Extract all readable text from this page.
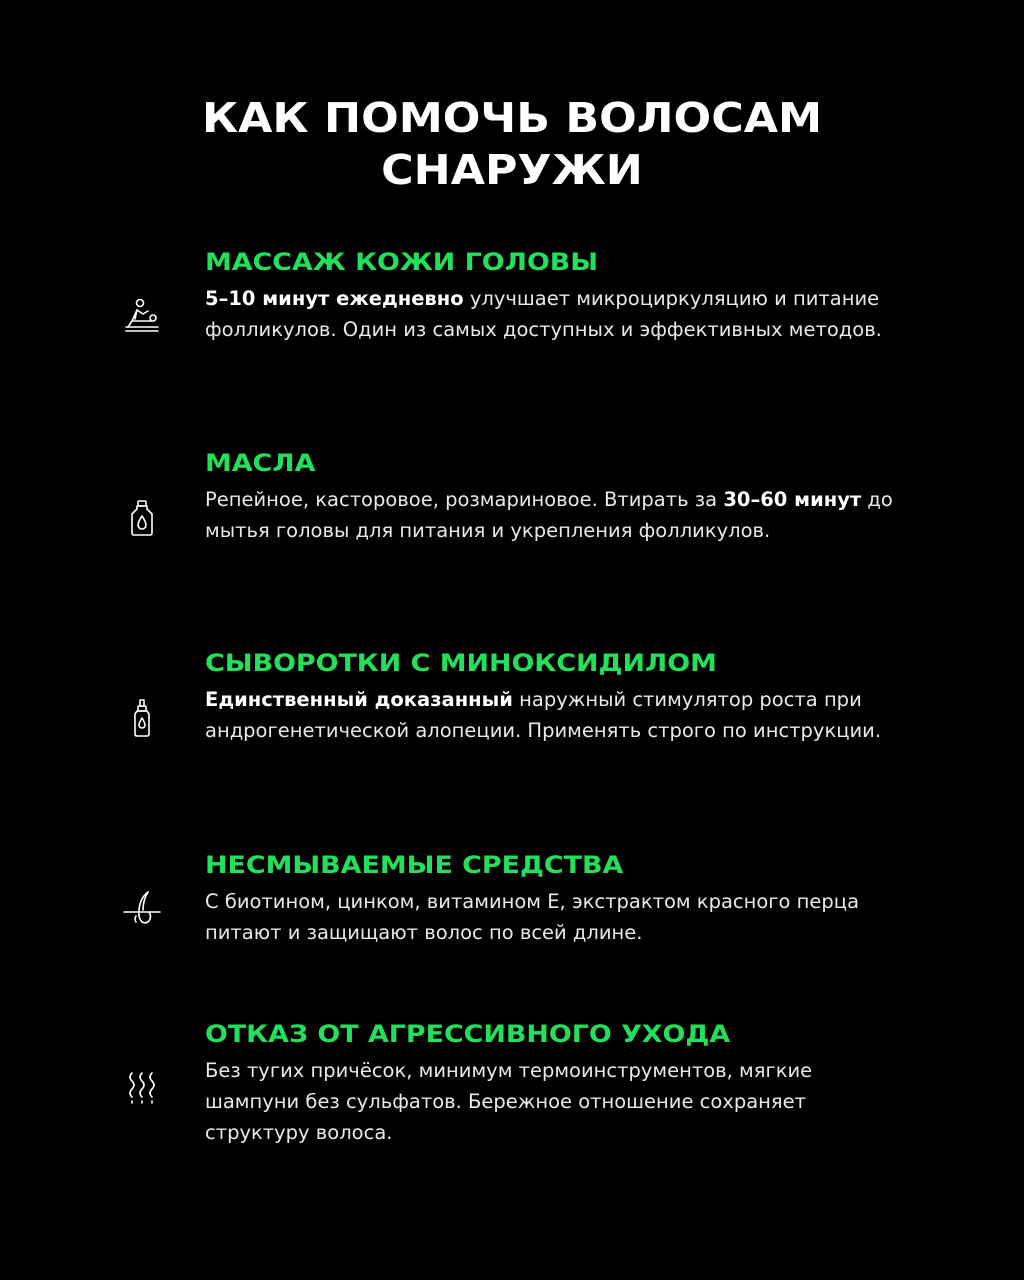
КАК ПОМОЧЬ ВОЛОСАМ
СНАРУЖИ
МАССАЖ КОЖИ ГОЛОВЫ
5–10 минут ежедневно улучшает микроциркуляцию и питание фолликулов. Один из самых доступных и эффективных методов.
МАСЛА
Репейное, касторовое, розмариновое. Втирать за 30–60 минут до мытья головы для питания и укрепления фолликулов.
СЫВОРОТКИ С МИНОКСИДИЛОМ
Единственный доказанный наружный стимулятор роста при андрогенетической алопеции. Применять строго по инструкции.
НЕСМЫВАЕМЫЕ СРЕДСТВА
С биотином, цинком, витамином Е, экстрактом красного перца питают и защищают волос по всей длине.
ОТКАЗ ОТ АГРЕССИВНОГО УХОДА
Без тугих причёсок, минимум термоинструментов, мягкие шампуни без сульфатов. Бережное отношение сохраняет структуру волоса.
